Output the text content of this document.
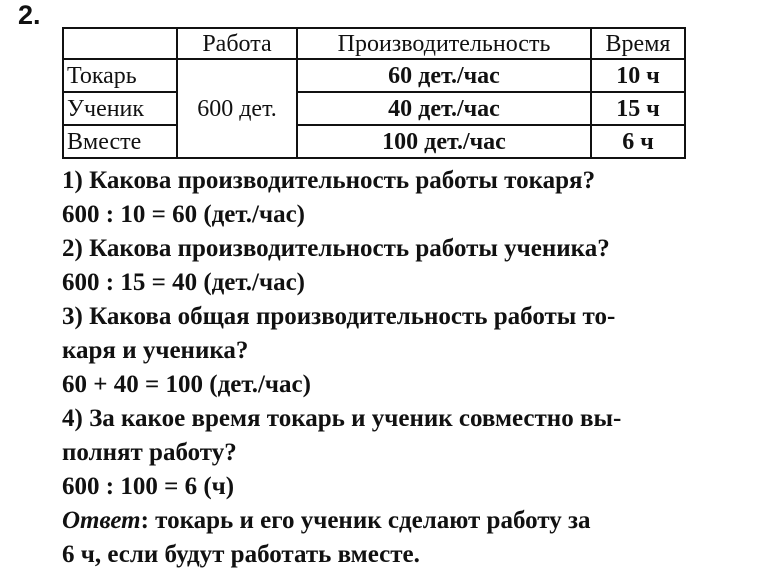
2.
	Работа	Производительность	Время
Токарь	600 дет.	60 дет./час	10 ч
Ученик		40 дет./час	15 ч
Вместе		100 дет./час	6 ч
1) Какова производительность работы токаря?
600 : 10 = 60 (дет./час)
2) Какова производительность работы ученика?
600 : 15 = 40 (дет./час)
3) Какова общая производительность работы то-
каря и ученика?
60 + 40 = 100 (дет./час)
4) За какое время токарь и ученик совместно вы-
полнят работу?
600 : 100 = 6 (ч)
Ответ: токарь и его ученик сделают работу за
6 ч, если будут работать вместе.
